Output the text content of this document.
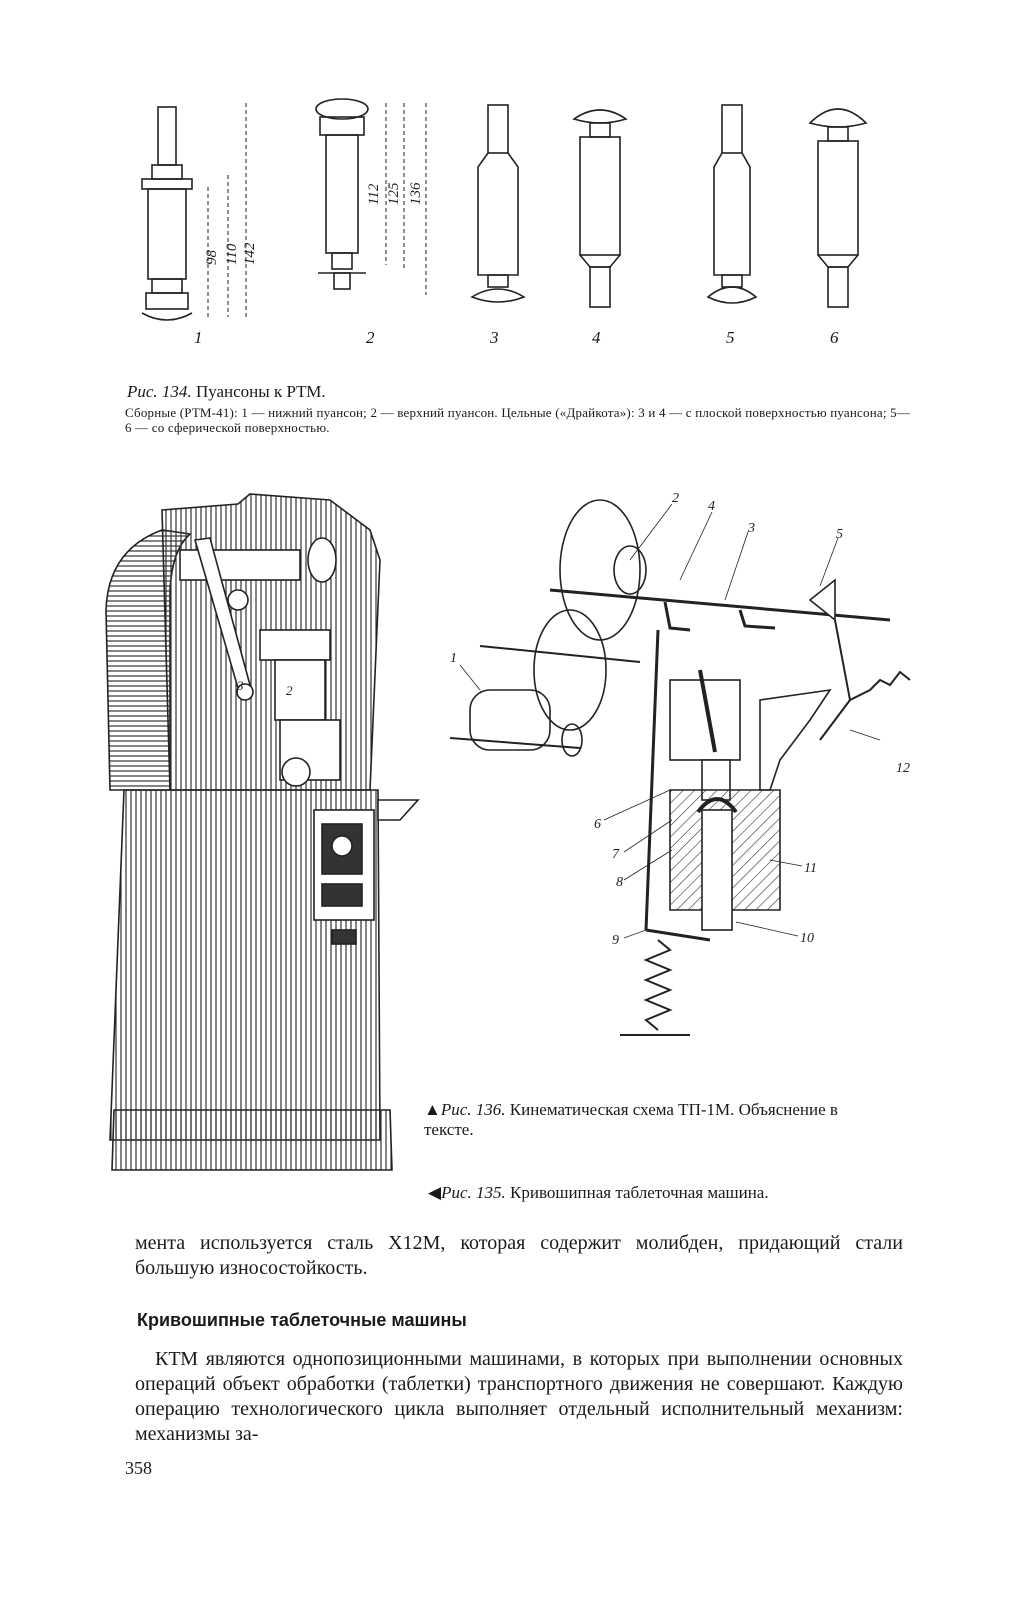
98 110 142
112 125 136
1	2	3	4	5	6
Рис. 134. Пуансоны к РТМ.
Сборные (РТМ-41): 1 — нижний пуансон; 2 — верхний пуансон. Цельные («Драйкота»): 3 и 4 — с плоской поверхностью пуансона; 5—6 — со сферической поверхностью.
3	2
1
2
3
4
5
6
7
8
9	10
11
12
▲Рис. 136. Кинематическая схема ТП-1М. Объяснение в тексте.
◀Рис. 135. Кривошипная таблеточная машина.
мента используется сталь Х12М, которая содержит молибден, придающий стали большую износостойкость.
Кривошипные таблеточные машины
КТМ являются однопозиционными машинами, в которых при выполнении основных операций объект обработки (таблетки) транспортного движения не совершают. Каждую операцию технологического цикла выполняет отдельный исполнительный механизм: механизмы за-
358
